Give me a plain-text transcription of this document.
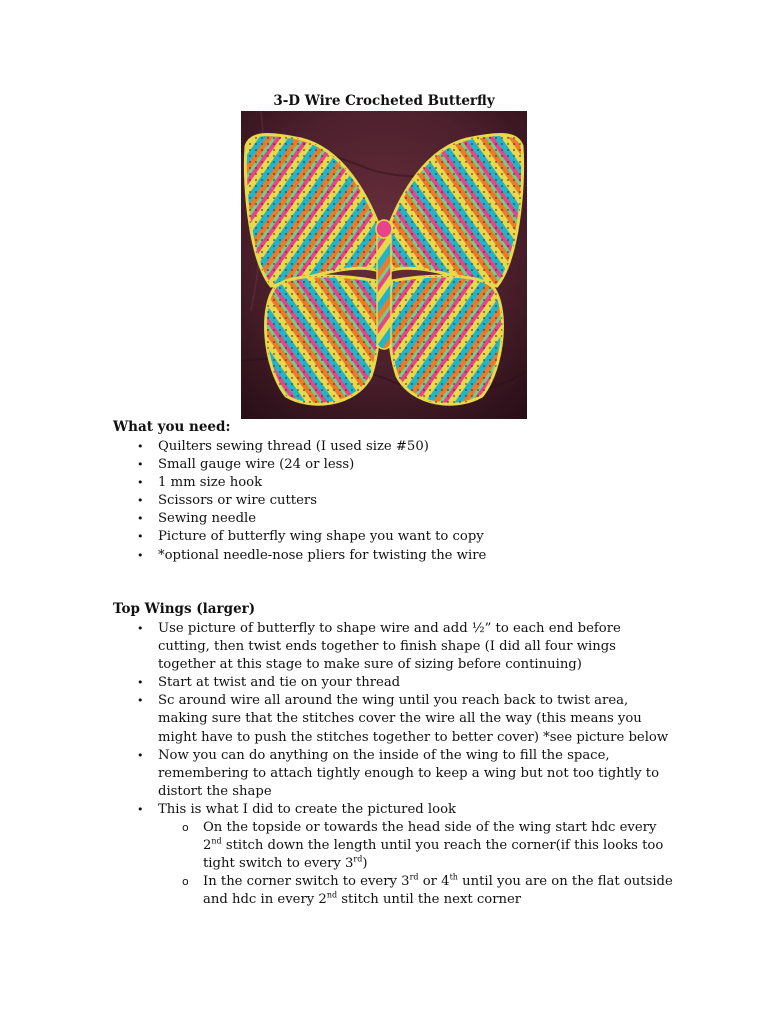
3-D Wire Crocheted Butterfly
What you need:
• Quilters sewing thread (I used size #50)
• Small gauge wire (24 or less)
• 1 mm size hook
• Scissors or wire cutters
• Sewing needle
• Picture of butterfly wing shape you want to copy
• *optional needle-nose pliers for twisting the wire
Top Wings (larger)
• Use picture of butterfly to shape wire and add ½” to each end before cutting, then twist ends together to finish shape (I did all four wings together at this stage to make sure of sizing before continuing)
• Start at twist and tie on your thread
• Sc around wire all around the wing until you reach back to twist area, making sure that the stitches cover the wire all the way (this means you might have to push the stitches together to better cover) *see picture below
• Now you can do anything on the inside of the wing to fill the space, remembering to attach tightly enough to keep a wing but not too tightly to distort the shape
• This is what I did to create the pictured look
o On the topside or towards the head side of the wing start hdc every
2nd stitch down the length until you reach the corner(if this looks too tight switch to every 3rd)
o In the corner switch to every 3rd or 4th until you are on the flat outside and hdc in every 2nd stitch until the next corner
